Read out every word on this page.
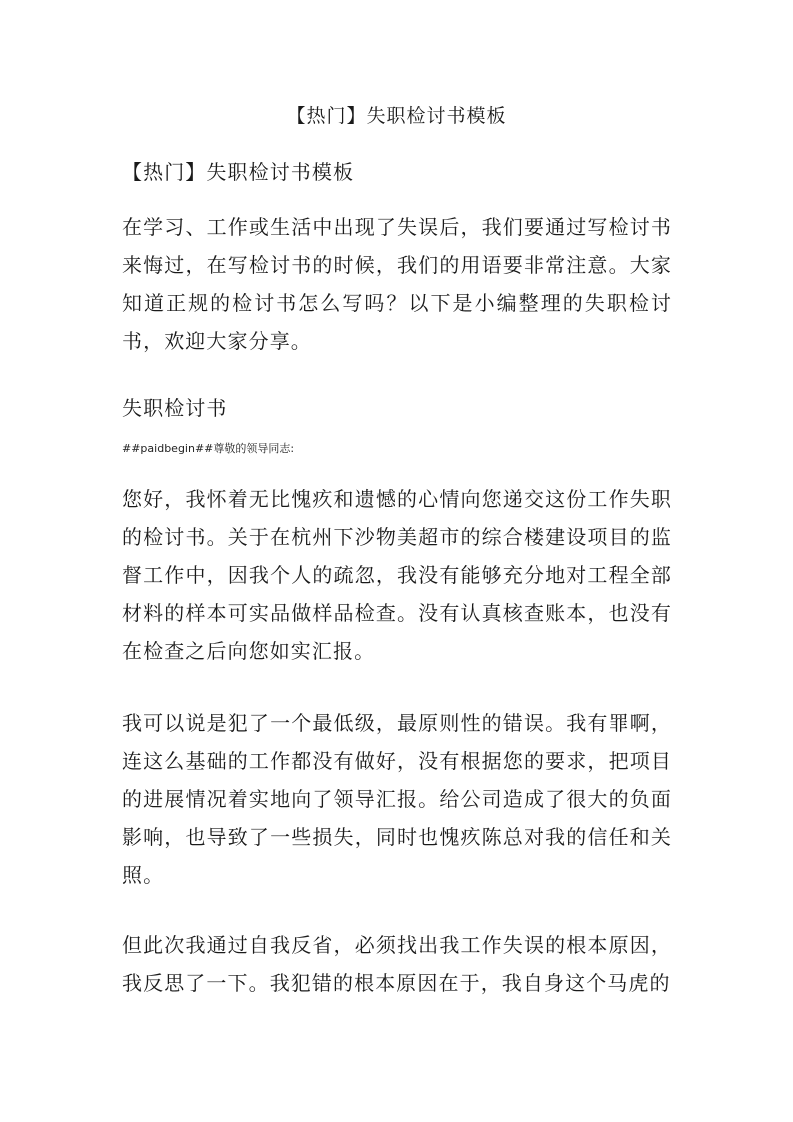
【热门】失职检讨书模板

【热门】失职检讨书模板

在学习、工作或生活中出现了失误后，我们要通过写检讨书来悔过，在写检讨书的时候，我们的用语要非常注意。大家知道正规的检讨书怎么写吗？以下是小编整理的失职检讨书，欢迎大家分享。

失职检讨书

##paidbegin##尊敬的领导同志:

您好，我怀着无比愧疚和遗憾的心情向您递交这份工作失职的检讨书。关于在杭州下沙物美超市的综合楼建设项目的监督工作中，因我个人的疏忽，我没有能够充分地对工程全部材料的样本可实品做样品检查。没有认真核查账本，也没有在检查之后向您如实汇报。

我可以说是犯了一个最低级，最原则性的错误。我有罪啊，连这么基础的工作都没有做好，没有根据您的要求，把项目的进展情况着实地向了领导汇报。给公司造成了很大的负面影响，也导致了一些损失，同时也愧疚陈总对我的信任和关照。

但此次我通过自我反省，必须找出我工作失误的根本原因，我反思了一下。我犯错的根本原因在于，我自身这个马虎的
